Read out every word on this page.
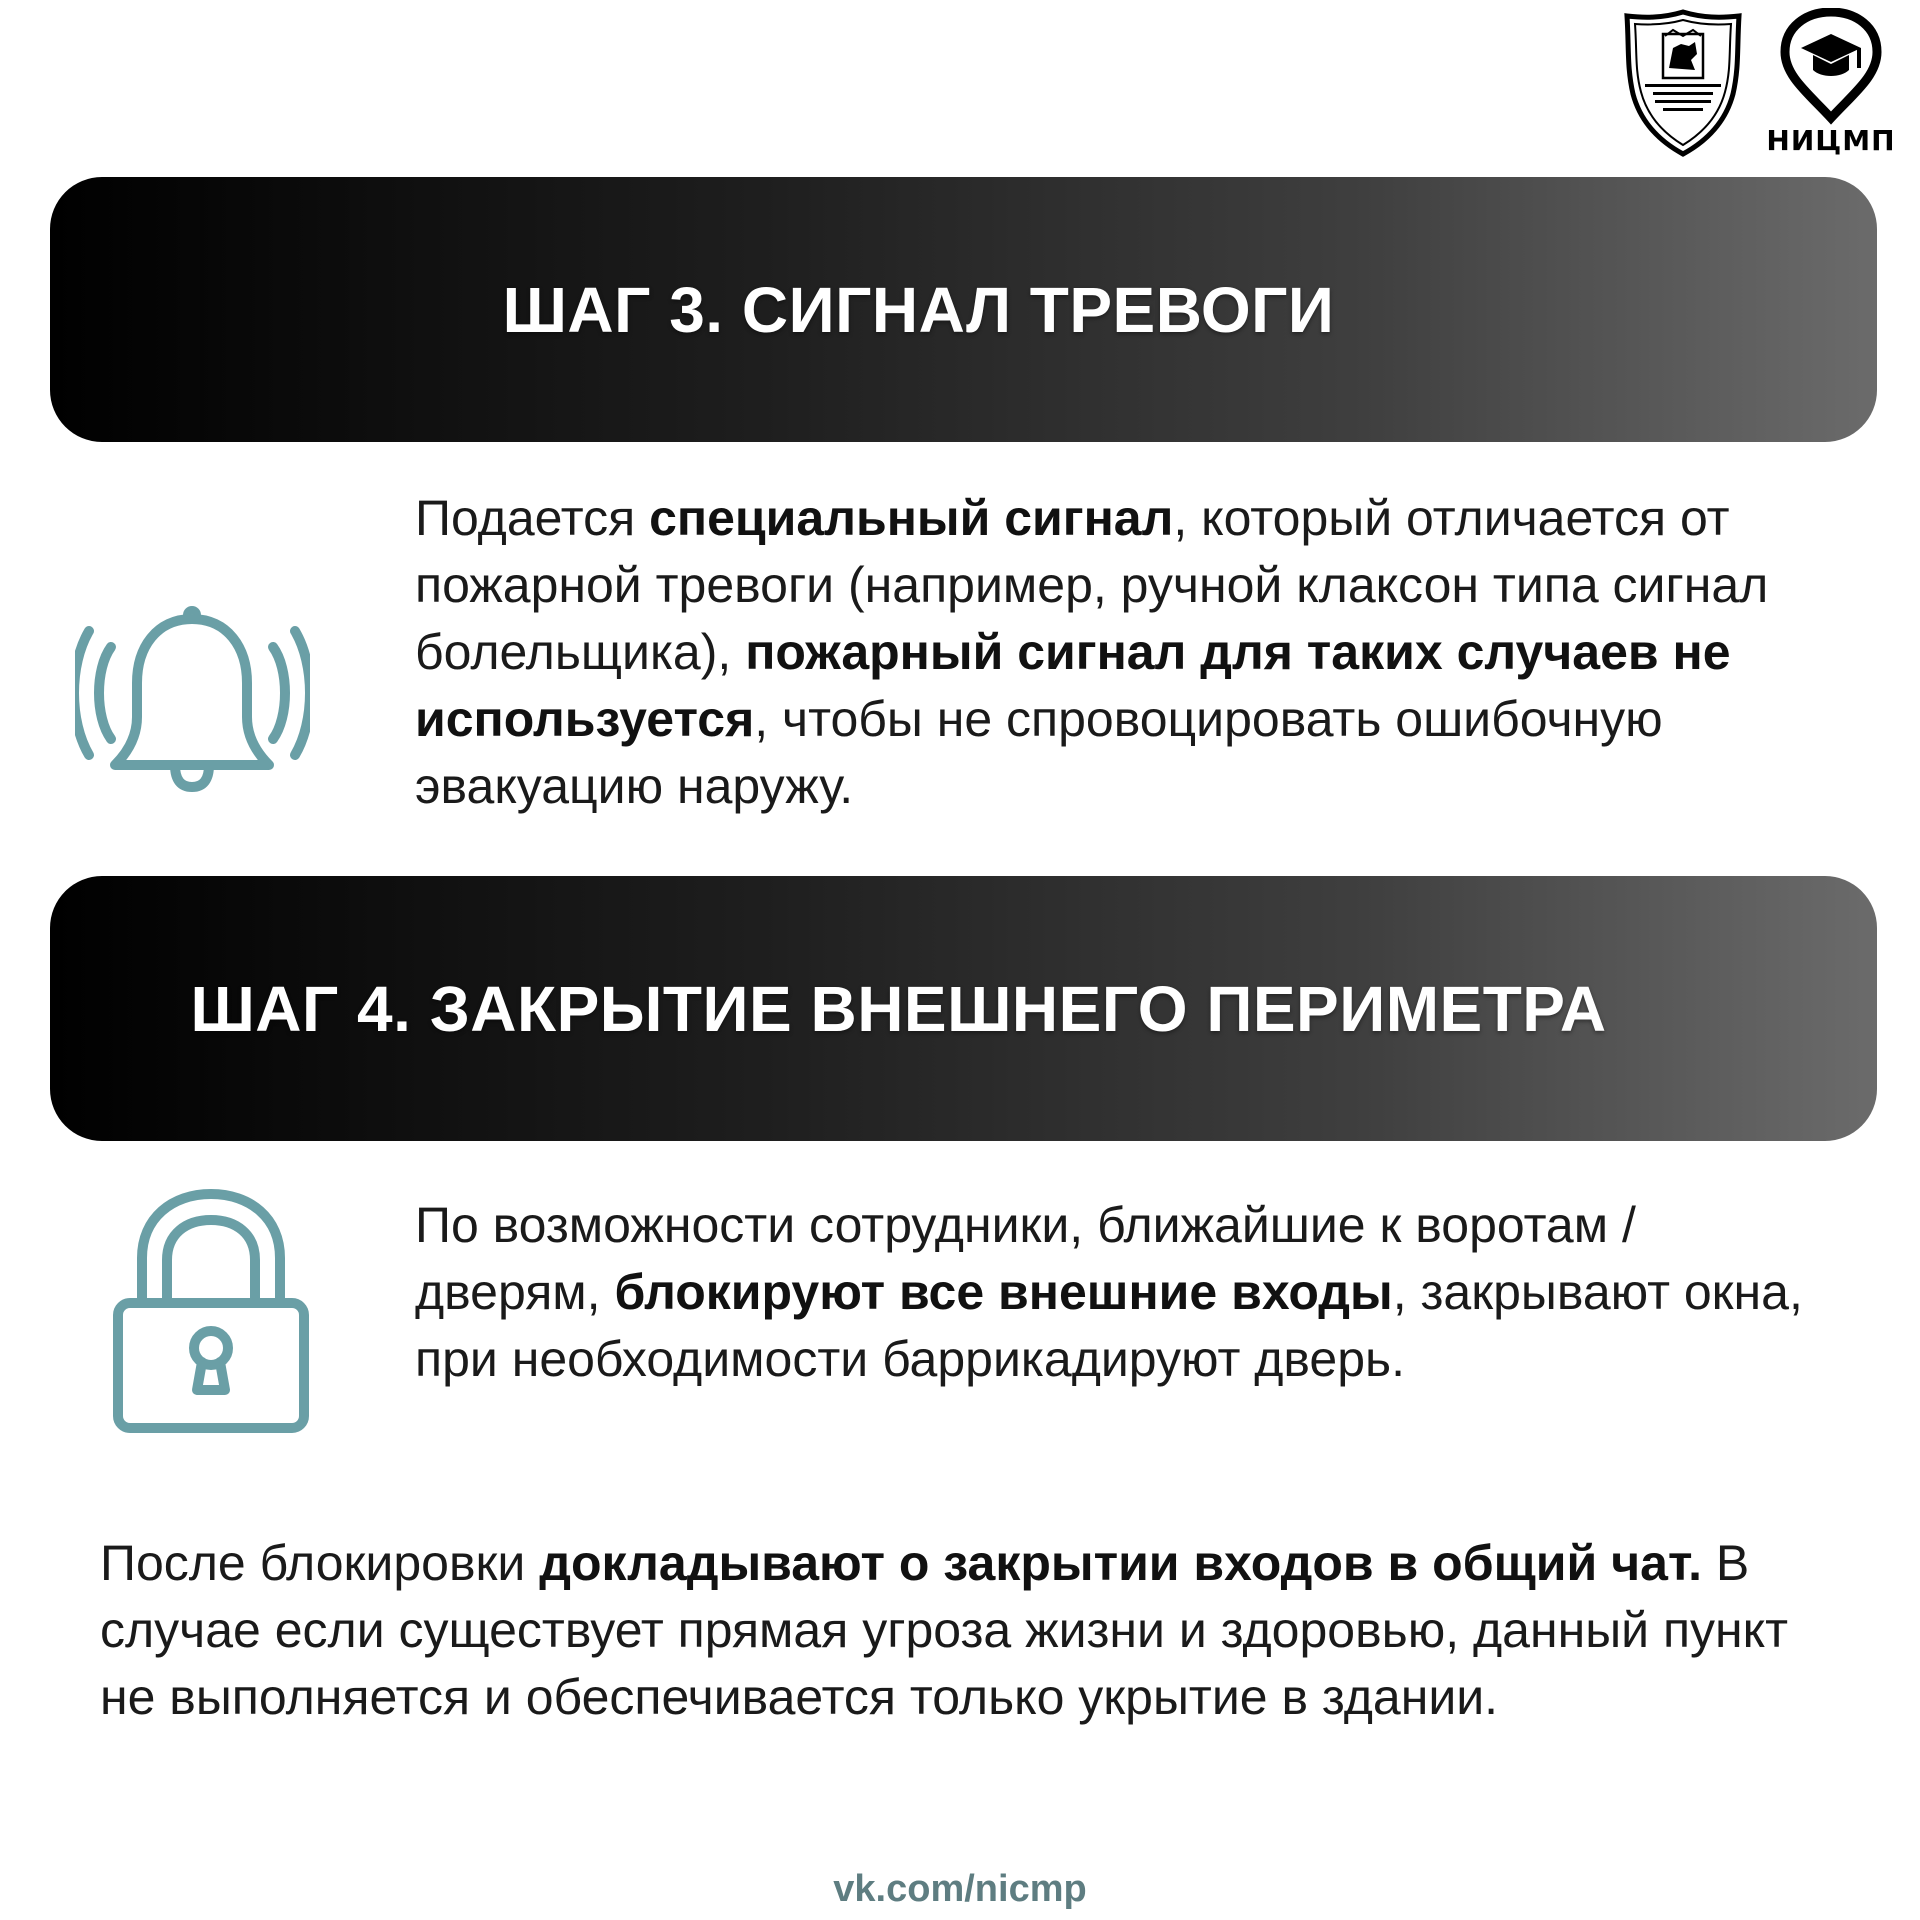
НИЦМП
ШАГ 3. СИГНАЛ ТРЕВОГИ

Подается специальный сигнал, который отличается от пожарной тревоги (например, ручной клаксон типа сигнал болельщика), пожарный сигнал для таких случаев не используется, чтобы не спровоцировать ошибочную эвакуацию наружу.

ШАГ 4. ЗАКРЫТИЕ ВНЕШНЕГО ПЕРИМЕТРА

По возможности сотрудники, ближайшие к воротам / дверям, блокируют все внешние входы, закрывают окна, при необходимости баррикадируют дверь.

После блокировки докладывают о закрытии входов в общий чат. В случае если существует прямая угроза жизни и здоровью, данный пункт не выполняется и обеспечивается только укрытие в здании.

vk.com/nicmp
